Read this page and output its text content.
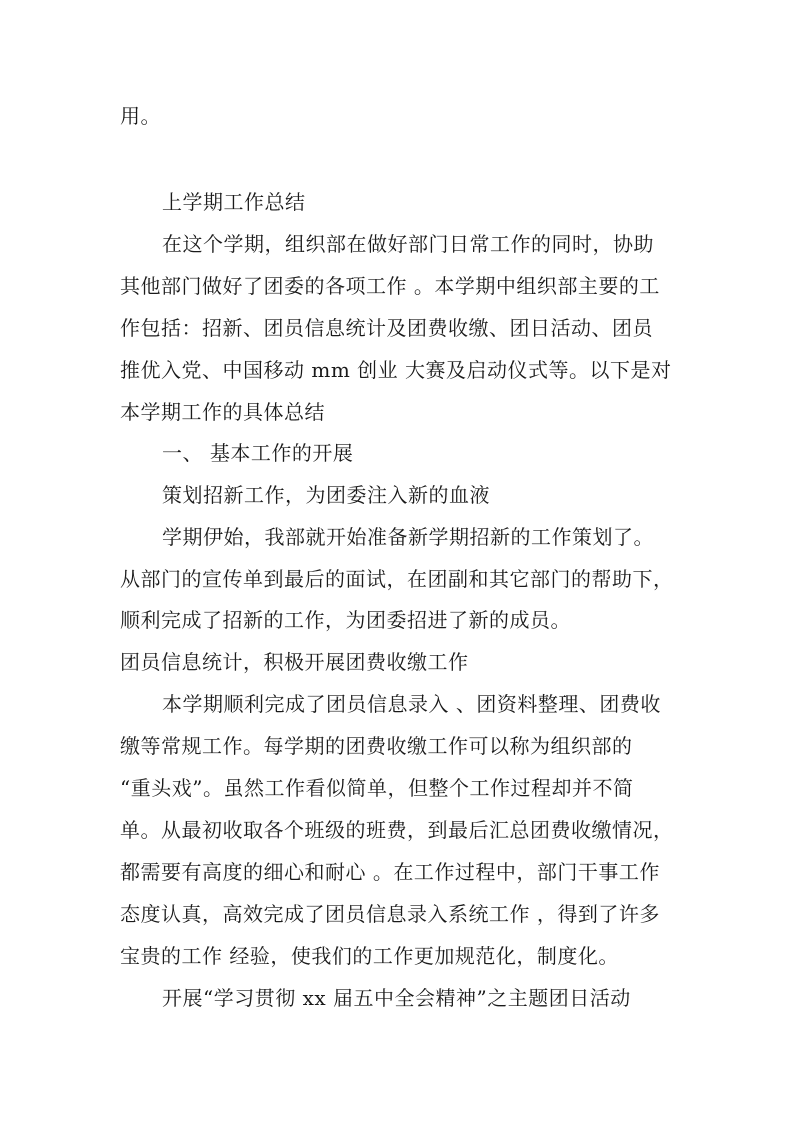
用。
上学期工作总结
在这个学期，组织部在做好部门日常工作的同时，协助
其他部门做好了团委的各项工作 。本学期中组织部主要的工
作包括：招新、团员信息统计及团费收缴、团日活动、团员
推优入党、中国移动 mm 创业 大赛及启动仪式等。以下是对
本学期工作的具体总结
一、 基本工作的开展
策划招新工作，为团委注入新的血液
学期伊始，我部就开始准备新学期招新的工作策划了。
从部门的宣传单到最后的面试，在团副和其它部门的帮助下，
顺利完成了招新的工作，为团委招进了新的成员。
团员信息统计，积极开展团费收缴工作
本学期顺利完成了团员信息录入 、团资料整理、团费收
缴等常规工作。每学期的团费收缴工作可以称为组织部的
“重头戏”。虽然工作看似简单，但整个工作过程却并不简
单。从最初收取各个班级的班费，到最后汇总团费收缴情况，
都需要有高度的细心和耐心 。在工作过程中，部门干事工作
态度认真，高效完成了团员信息录入系统工作 ，得到了许多
宝贵的工作 经验，使我们的工作更加规范化，制度化。
开展“学习贯彻 xx 届五中全会精神”之主题团日活动
